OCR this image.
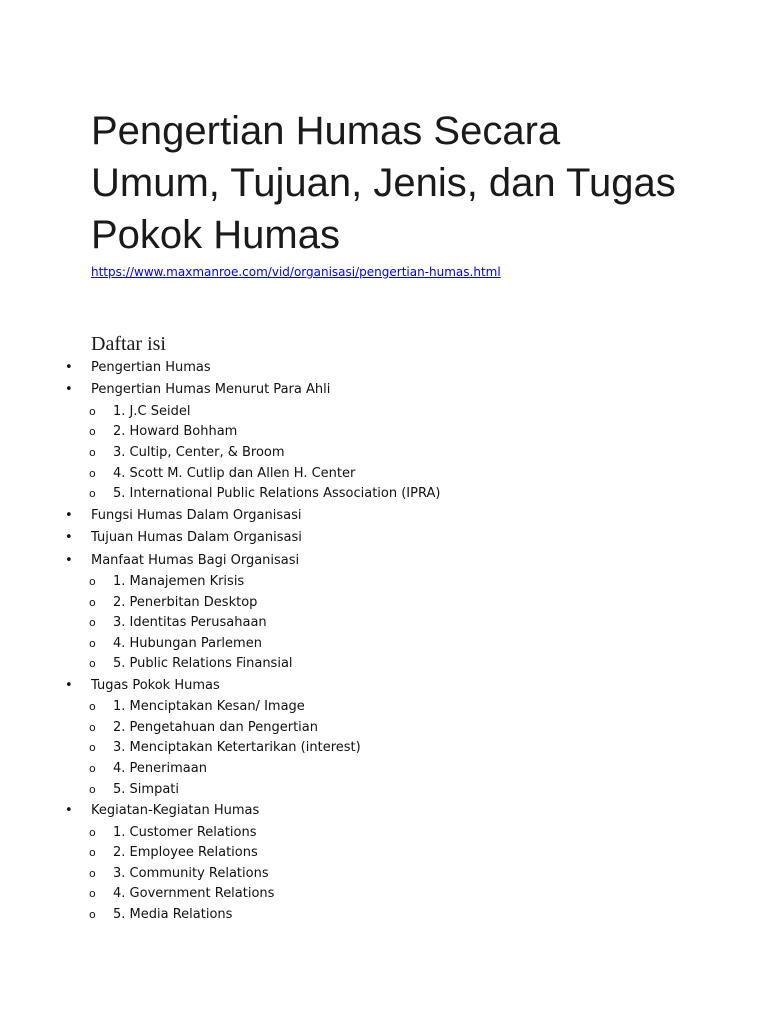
Pengertian Humas Secara
Umum, Tujuan, Jenis, dan Tugas
Pokok Humas
https://www.maxmanroe.com/vid/organisasi/pengertian-humas.html
Daftar isi
• Pengertian Humas
• Pengertian Humas Menurut Para Ahli
o 1. J.C Seidel
o 2. Howard Bohham
o 3. Cultip, Center, & Broom
o 4. Scott M. Cutlip dan Allen H. Center
o 5. International Public Relations Association (IPRA)
• Fungsi Humas Dalam Organisasi
• Tujuan Humas Dalam Organisasi
• Manfaat Humas Bagi Organisasi
o 1. Manajemen Krisis
o 2. Penerbitan Desktop
o 3. Identitas Perusahaan
o 4. Hubungan Parlemen
o 5. Public Relations Finansial
• Tugas Pokok Humas
o 1. Menciptakan Kesan/ Image
o 2. Pengetahuan dan Pengertian
o 3. Menciptakan Ketertarikan (interest)
o 4. Penerimaan
o 5. Simpati
• Kegiatan-Kegiatan Humas
o 1. Customer Relations
o 2. Employee Relations
o 3. Community Relations
o 4. Government Relations
o 5. Media Relations
